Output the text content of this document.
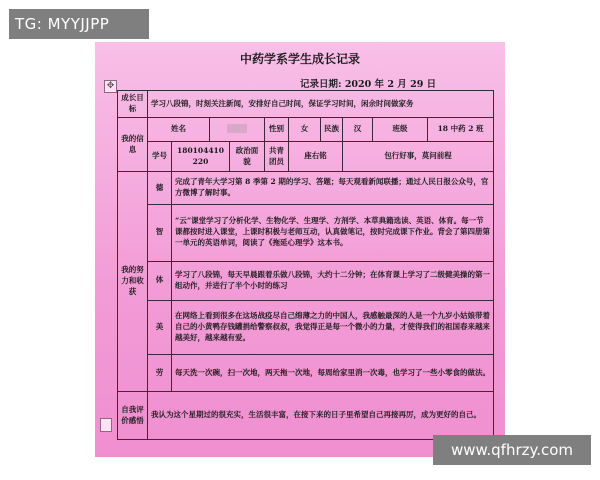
TG: MYYJJPP
中药学系学生成长记录
记录日期: 2020 年 2 月 29 日
✥
成长目标	学习八段锦，时刻关注新闻，安排好自己时间，保证学习时间，闲余时间做家务									
我的信息	姓名				性别	女	民族	汉	班级	18 中药 2 班
	学号	180104410220		政治面貌	共青团员	座右铭		包行好事，莫问前程		
我的努力和收获	德	完成了青年大学习第 8 季第 2 期的学习、答题；每天观看新闻联播；通过人民日报公众号，官方微博了解时事。								
	智	“云”课堂学习了分析化学、生物化学、生理学、方剂学、本草典籍选读、英语、体育。每一节课都按时进入课堂，上课时积极与老师互动，认真做笔记，按时完成课下作业。背会了第四册第一单元的英语单词，阅读了《拖延心理学》这本书。								
	体	学习了八段锦，每天早晨跟着乐做八段锦，大约十二分钟；在体育课上学习了二级健美操的第一组动作，并进行了半个小时的练习								
	美	在网络上看到很多在这场战疫尽自己绵薄之力的中国人，我感触最深的人是一个九岁小姑娘带着自己的小黄鸭存钱罐捐给警察叔叔，我觉得正是每一个微小的力量，才使得我们的祖国春来越来越美好，越来越有爱。								
	劳	每天洗一次碗，扫一次地，两天拖一次地，每周给家里消一次毒，也学习了一些小零食的做法。								
自我评价感悟	我认为这个星期过的很充实，生活很丰富，在接下来的日子里希望自己再接再厉，成为更好的自己。									
www.qfhrzy.com
